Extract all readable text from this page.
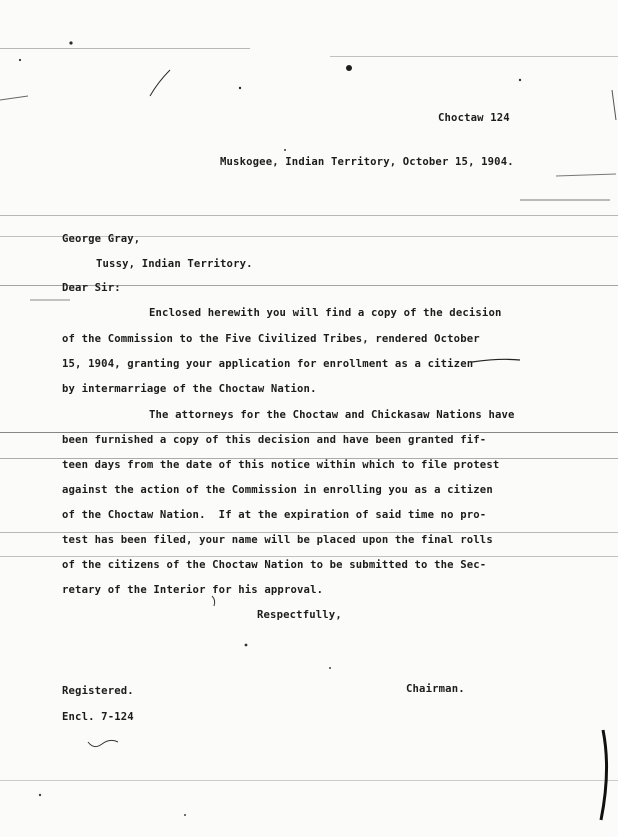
Choctaw 124
Muskogee, Indian Territory, October 15, 1904.
George Gray,
Tussy, Indian Territory.
Dear Sir:
Enclosed herewith you will find a copy of the decision
of the Commission to the Five Civilized Tribes, rendered October
15, 1904, granting your application for enrollment as a citizen
by intermarriage of the Choctaw Nation.
The attorneys for the Choctaw and Chickasaw Nations have
been furnished a copy of this decision and have been granted fif-
teen days from the date of this notice within which to file protest
against the action of the Commission in enrolling you as a citizen
of the Choctaw Nation.  If at the expiration of said time no pro-
test has been filed, your name will be placed upon the final rolls
of the citizens of the Choctaw Nation to be submitted to the Sec-
retary of the Interior for his approval.
Respectfully,
Chairman.
Registered.
Encl. 7-124
